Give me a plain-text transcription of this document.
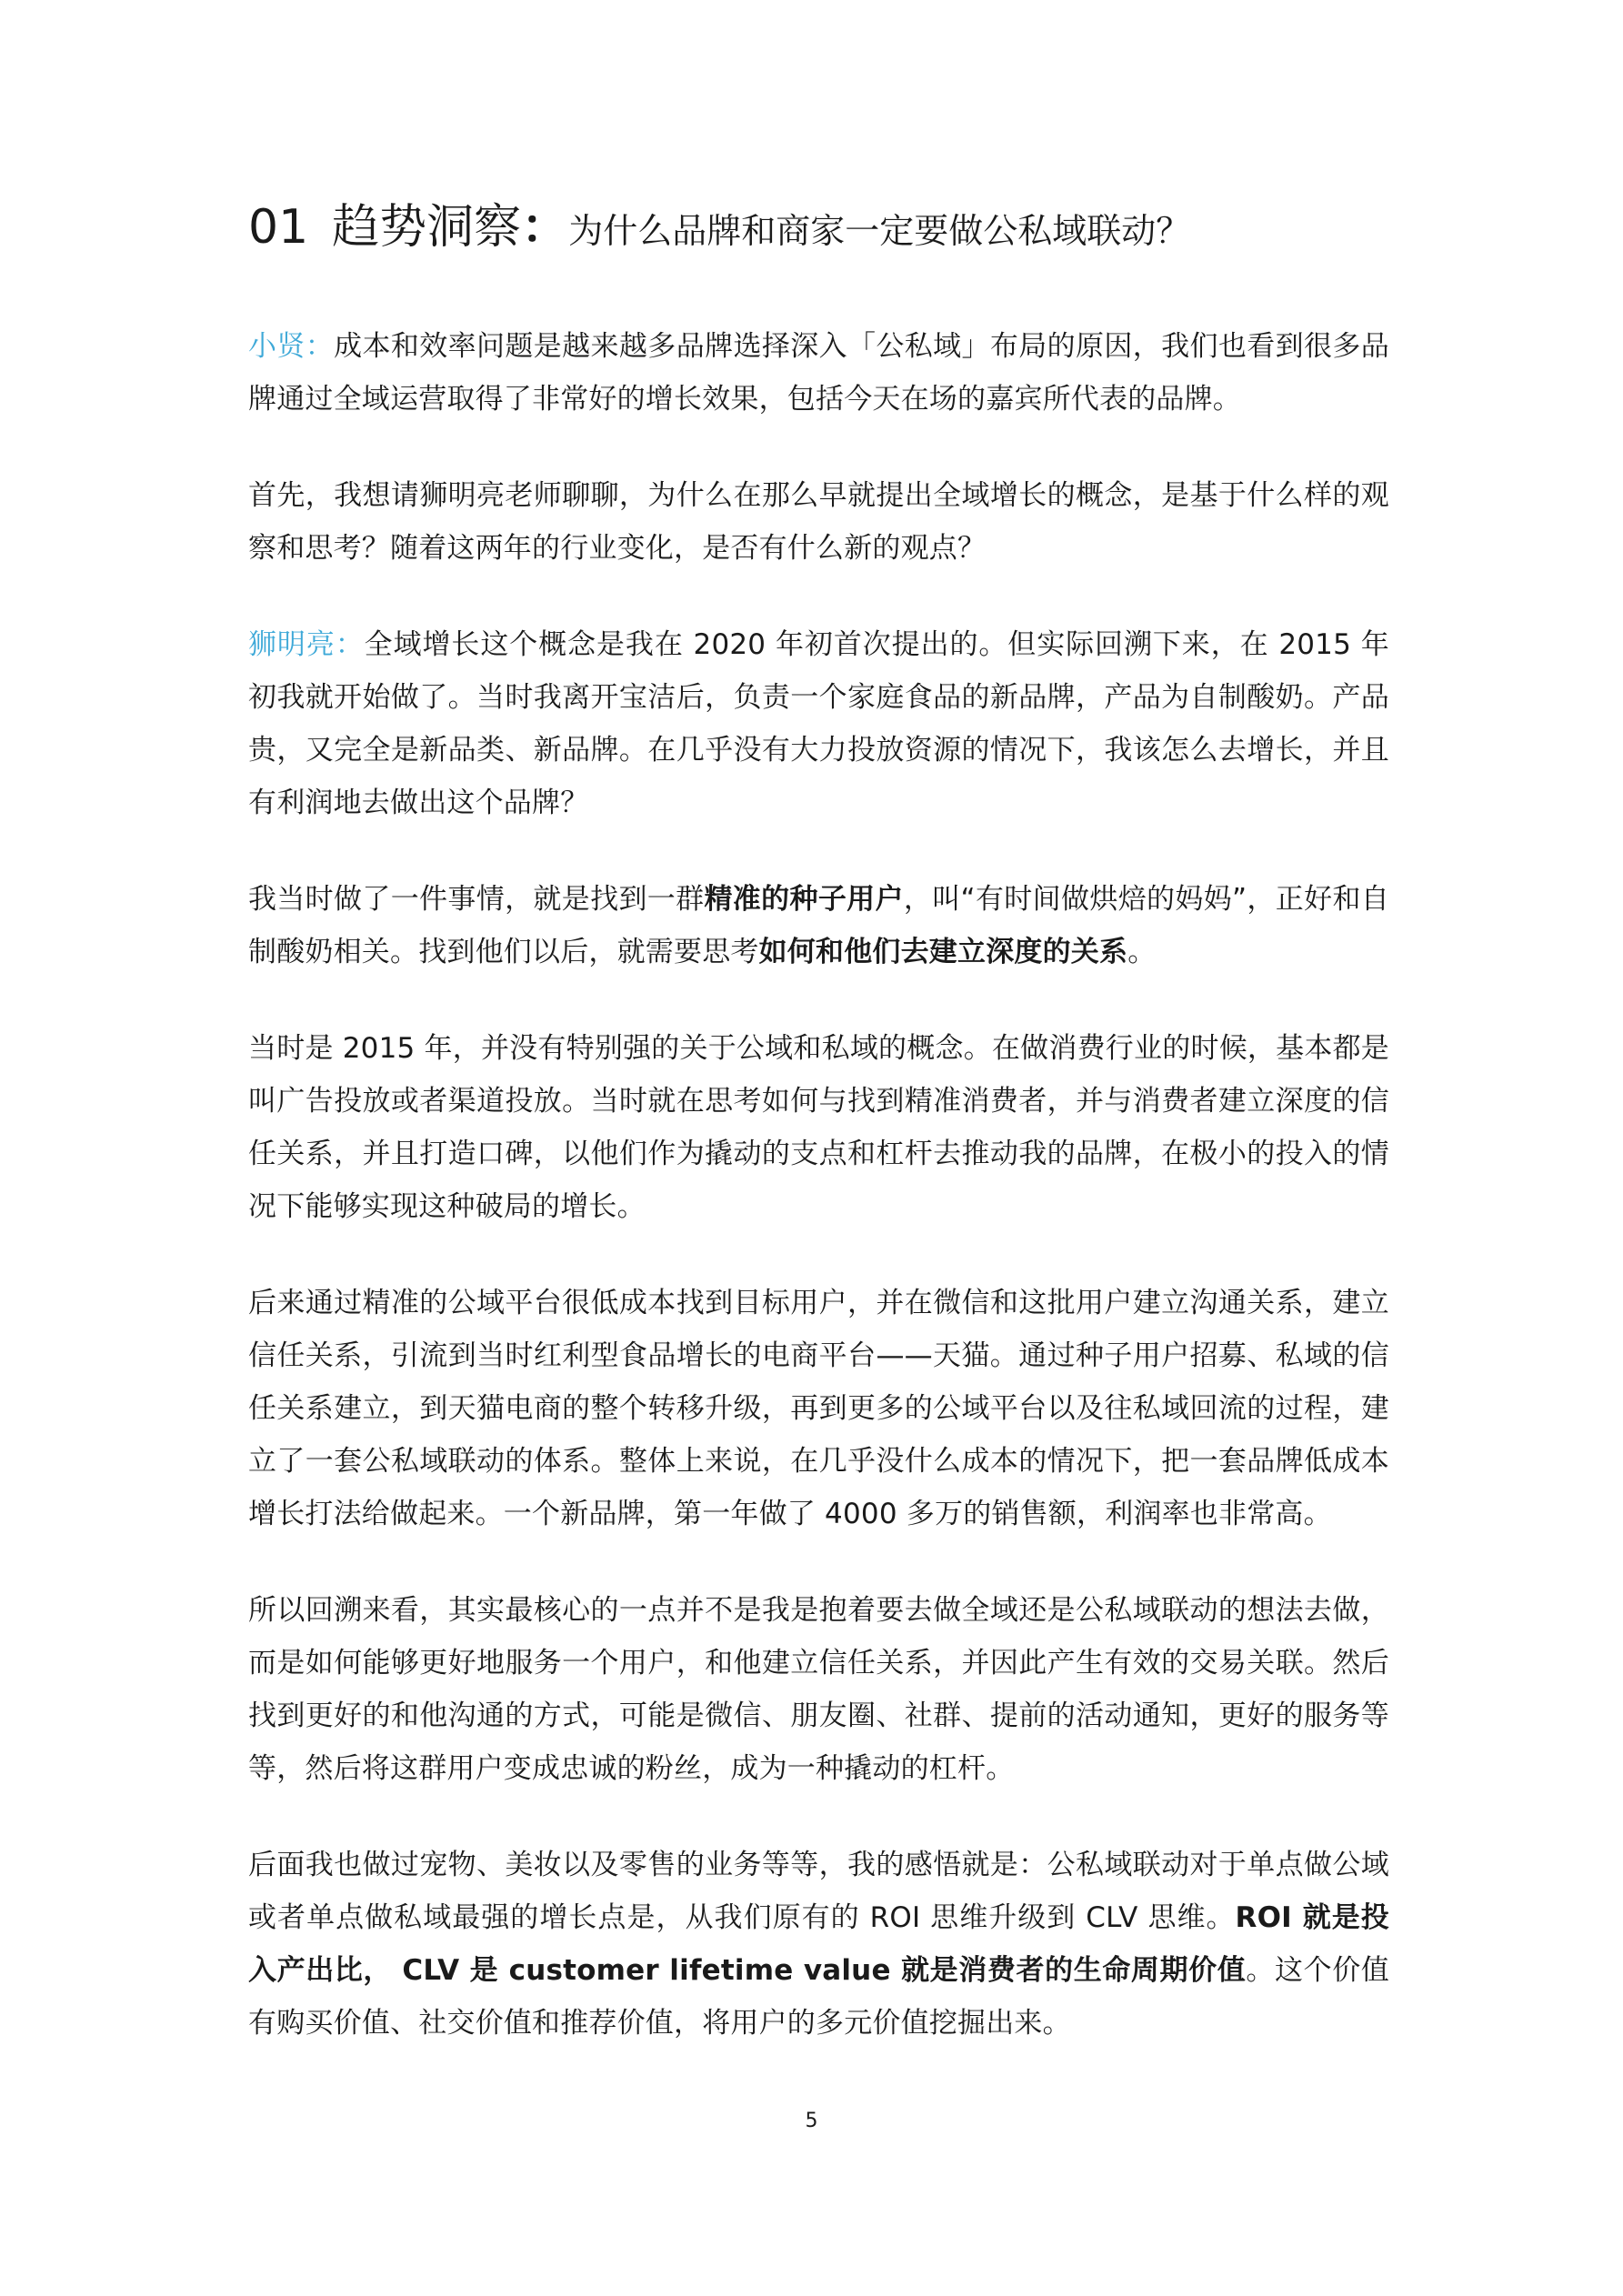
01 趋势洞察：为什么品牌和商家一定要做公私域联动？

小贤：成本和效率问题是越来越多品牌选择深入「公私域」布局的原因，我们也看到很多品牌通过全域运营取得了非常好的增长效果，包括今天在场的嘉宾所代表的品牌。

首先，我想请狮明亮老师聊聊，为什么在那么早就提出全域增长的概念，是基于什么样的观察和思考？随着这两年的行业变化，是否有什么新的观点？

狮明亮：全域增长这个概念是我在 2020 年初首次提出的。但实际回溯下来，在 2015 年初我就开始做了。当时我离开宝洁后，负责一个家庭食品的新品牌，产品为自制酸奶。产品贵，又完全是新品类、新品牌。在几乎没有大力投放资源的情况下，我该怎么去增长，并且有利润地去做出这个品牌？

我当时做了一件事情，就是找到一群精准的种子用户，叫“有时间做烘焙的妈妈”，正好和自制酸奶相关。找到他们以后，就需要思考如何和他们去建立深度的关系。

当时是 2015 年，并没有特别强的关于公域和私域的概念。在做消费行业的时候，基本都是叫广告投放或者渠道投放。当时就在思考如何与找到精准消费者，并与消费者建立深度的信任关系，并且打造口碑，以他们作为撬动的支点和杠杆去推动我的品牌，在极小的投入的情况下能够实现这种破局的增长。

后来通过精准的公域平台很低成本找到目标用户，并在微信和这批用户建立沟通关系，建立信任关系，引流到当时红利型食品增长的电商平台——天猫。通过种子用户招募、私域的信任关系建立，到天猫电商的整个转移升级，再到更多的公域平台以及往私域回流的过程，建立了一套公私域联动的体系。整体上来说，在几乎没什么成本的情况下，把一套品牌低成本增长打法给做起来。一个新品牌，第一年做了 4000 多万的销售额，利润率也非常高。

所以回溯来看，其实最核心的一点并不是我是抱着要去做全域还是公私域联动的想法去做，而是如何能够更好地服务一个用户，和他建立信任关系，并因此产生有效的交易关联。然后找到更好的和他沟通的方式，可能是微信、朋友圈、社群、提前的活动通知，更好的服务等等，然后将这群用户变成忠诚的粉丝，成为一种撬动的杠杆。

后面我也做过宠物、美妆以及零售的业务等等，我的感悟就是：公私域联动对于单点做公域或者单点做私域最强的增长点是，从我们原有的 ROI 思维升级到 CLV 思维。ROI 就是投入产出比， CLV 是 customer lifetime value 就是消费者的生命周期价值。这个价值有购买价值、社交价值和推荐价值，将用户的多元价值挖掘出来。

5
